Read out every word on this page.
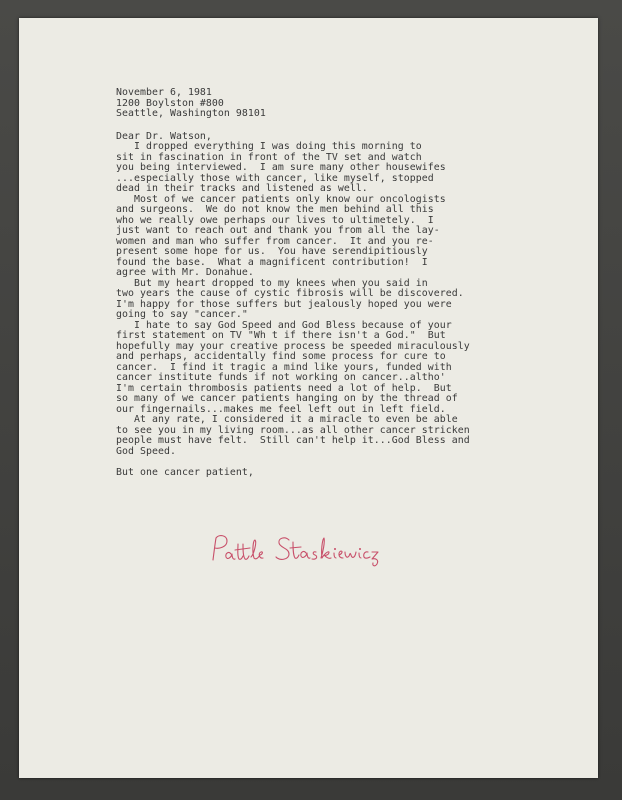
November 6, 1981
1200 Boylston #800
Seattle, Washington 98101
Dear Dr. Watson,
I dropped everything I was doing this morning to
sit in fascination in front of the TV set and watch
you being interviewed.  I am sure many other housewifes
...especially those with cancer, like myself, stopped
dead in their tracks and listened as well.
Most of we cancer patients only know our oncologists
and surgeons.  We do not know the men behind all this
who we really owe perhaps our lives to ultimetely.  I
just want to reach out and thank you from all the lay-
women and man who suffer from cancer.  It and you re-
present some hope for us.  You have serendipitiously
found the base.  What a magnificent contribution!  I
agree with Mr. Donahue.
But my heart dropped to my knees when you said in
two years the cause of cystic fibrosis will be discovered.
I'm happy for those suffers but jealously hoped you were
going to say "cancer."
I hate to say God Speed and God Bless because of your
first statement on TV "Wh t if there isn't a God."  But
hopefully may your creative process be speeded miraculously
and perhaps, accidentally find some process for cure to
cancer.  I find it tragic a mind like yours, funded with
cancer institute funds if not working on cancer..altho'
I'm certain thrombosis patients need a lot of help.  But
so many of we cancer patients hanging on by the thread of
our fingernails...makes me feel left out in left field.
At any rate, I considered it a miracle to even be able
to see you in my living room...as all other cancer stricken
people must have felt.  Still can't help it...God Bless and
God Speed.
But one cancer patient,
